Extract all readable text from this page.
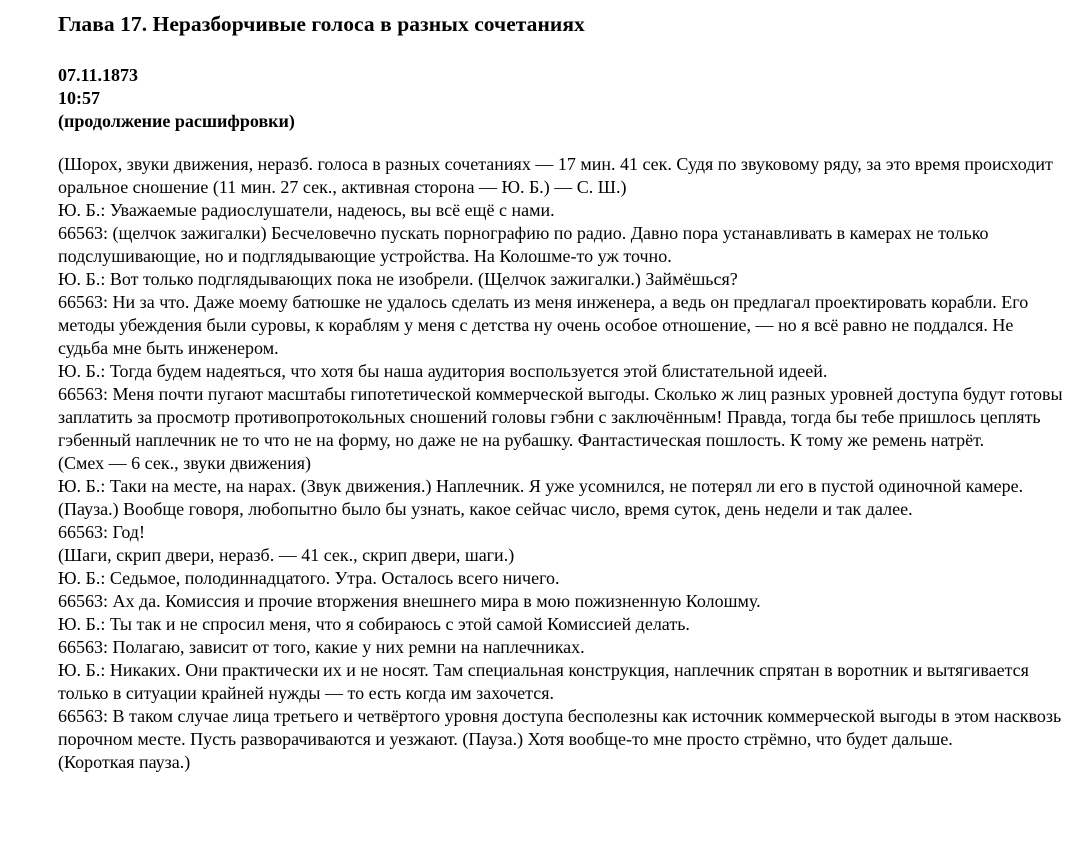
Глава 17. Неразборчивые голоса в разных сочетаниях
07.11.1873
10:57
(продолжение расшифровки)

(Шорох, звуки движения, неразб. голоса в разных сочетаниях — 17 мин. 41 сек. Судя по звуковому ряду, за это время происходит оральное сношение (11 мин. 27 сек., активная сторона — Ю. Б.) — С. Ш.)

Ю. Б.: Уважаемые радиослушатели, надеюсь, вы всё ещё с нами.

66563: (щелчок зажигалки) Бесчеловечно пускать порнографию по радио. Давно пора устанавливать в камерах не только подслушивающие, но и подглядывающие устройства. На Колошме-то уж точно.

Ю. Б.: Вот только подглядывающих пока не изобрели. (Щелчок зажигалки.) Займёшься?

66563: Ни за что. Даже моему батюшке не удалось сделать из меня инженера, а ведь он предлагал проектировать корабли. Его методы убеждения были суровы, к кораблям у меня с детства ну очень особое отношение, — но я всё равно не поддался. Не судьба мне быть инженером.

Ю. Б.: Тогда будем надеяться, что хотя бы наша аудитория воспользуется этой блистательной идеей.

66563: Меня почти пугают масштабы гипотетической коммерческой выгоды. Сколько ж лиц разных уровней доступа будут готовы заплатить за просмотр противопротокольных сношений головы гэбни с заключённым! Правда, тогда бы тебе пришлось цеплять гэбенный наплечник не то что не на форму, но даже не на рубашку. Фантастическая пошлость. К тому же ремень натрёт.

(Смех — 6 сек., звуки движения)

Ю. Б.: Таки на месте, на нарах. (Звук движения.) Наплечник. Я уже усомнился, не потерял ли его в пустой одиночной камере. (Пауза.) Вообще говоря, любопытно было бы узнать, какое сейчас число, время суток, день недели и так далее.

66563: Год!

(Шаги, скрип двери, неразб. — 41 сек., скрип двери, шаги.)

Ю. Б.: Седьмое, полодиннадцатого. Утра. Осталось всего ничего.

66563: Ах да. Комиссия и прочие вторжения внешнего мира в мою пожизненную Колошму.

Ю. Б.: Ты так и не спросил меня, что я собираюсь с этой самой Комиссией делать.

66563: Полагаю, зависит от того, какие у них ремни на наплечниках.

Ю. Б.: Никаких. Они практически их и не носят. Там специальная конструкция, наплечник спрятан в воротник и вытягивается только в ситуации крайней нужды — то есть когда им захочется.

66563: В таком случае лица третьего и четвёртого уровня доступа бесполезны как источник коммерческой выгоды в этом насквозь порочном месте. Пусть разворачиваются и уезжают. (Пауза.) Хотя вообще-то мне просто стрёмно, что будет дальше.

(Короткая пауза.)
